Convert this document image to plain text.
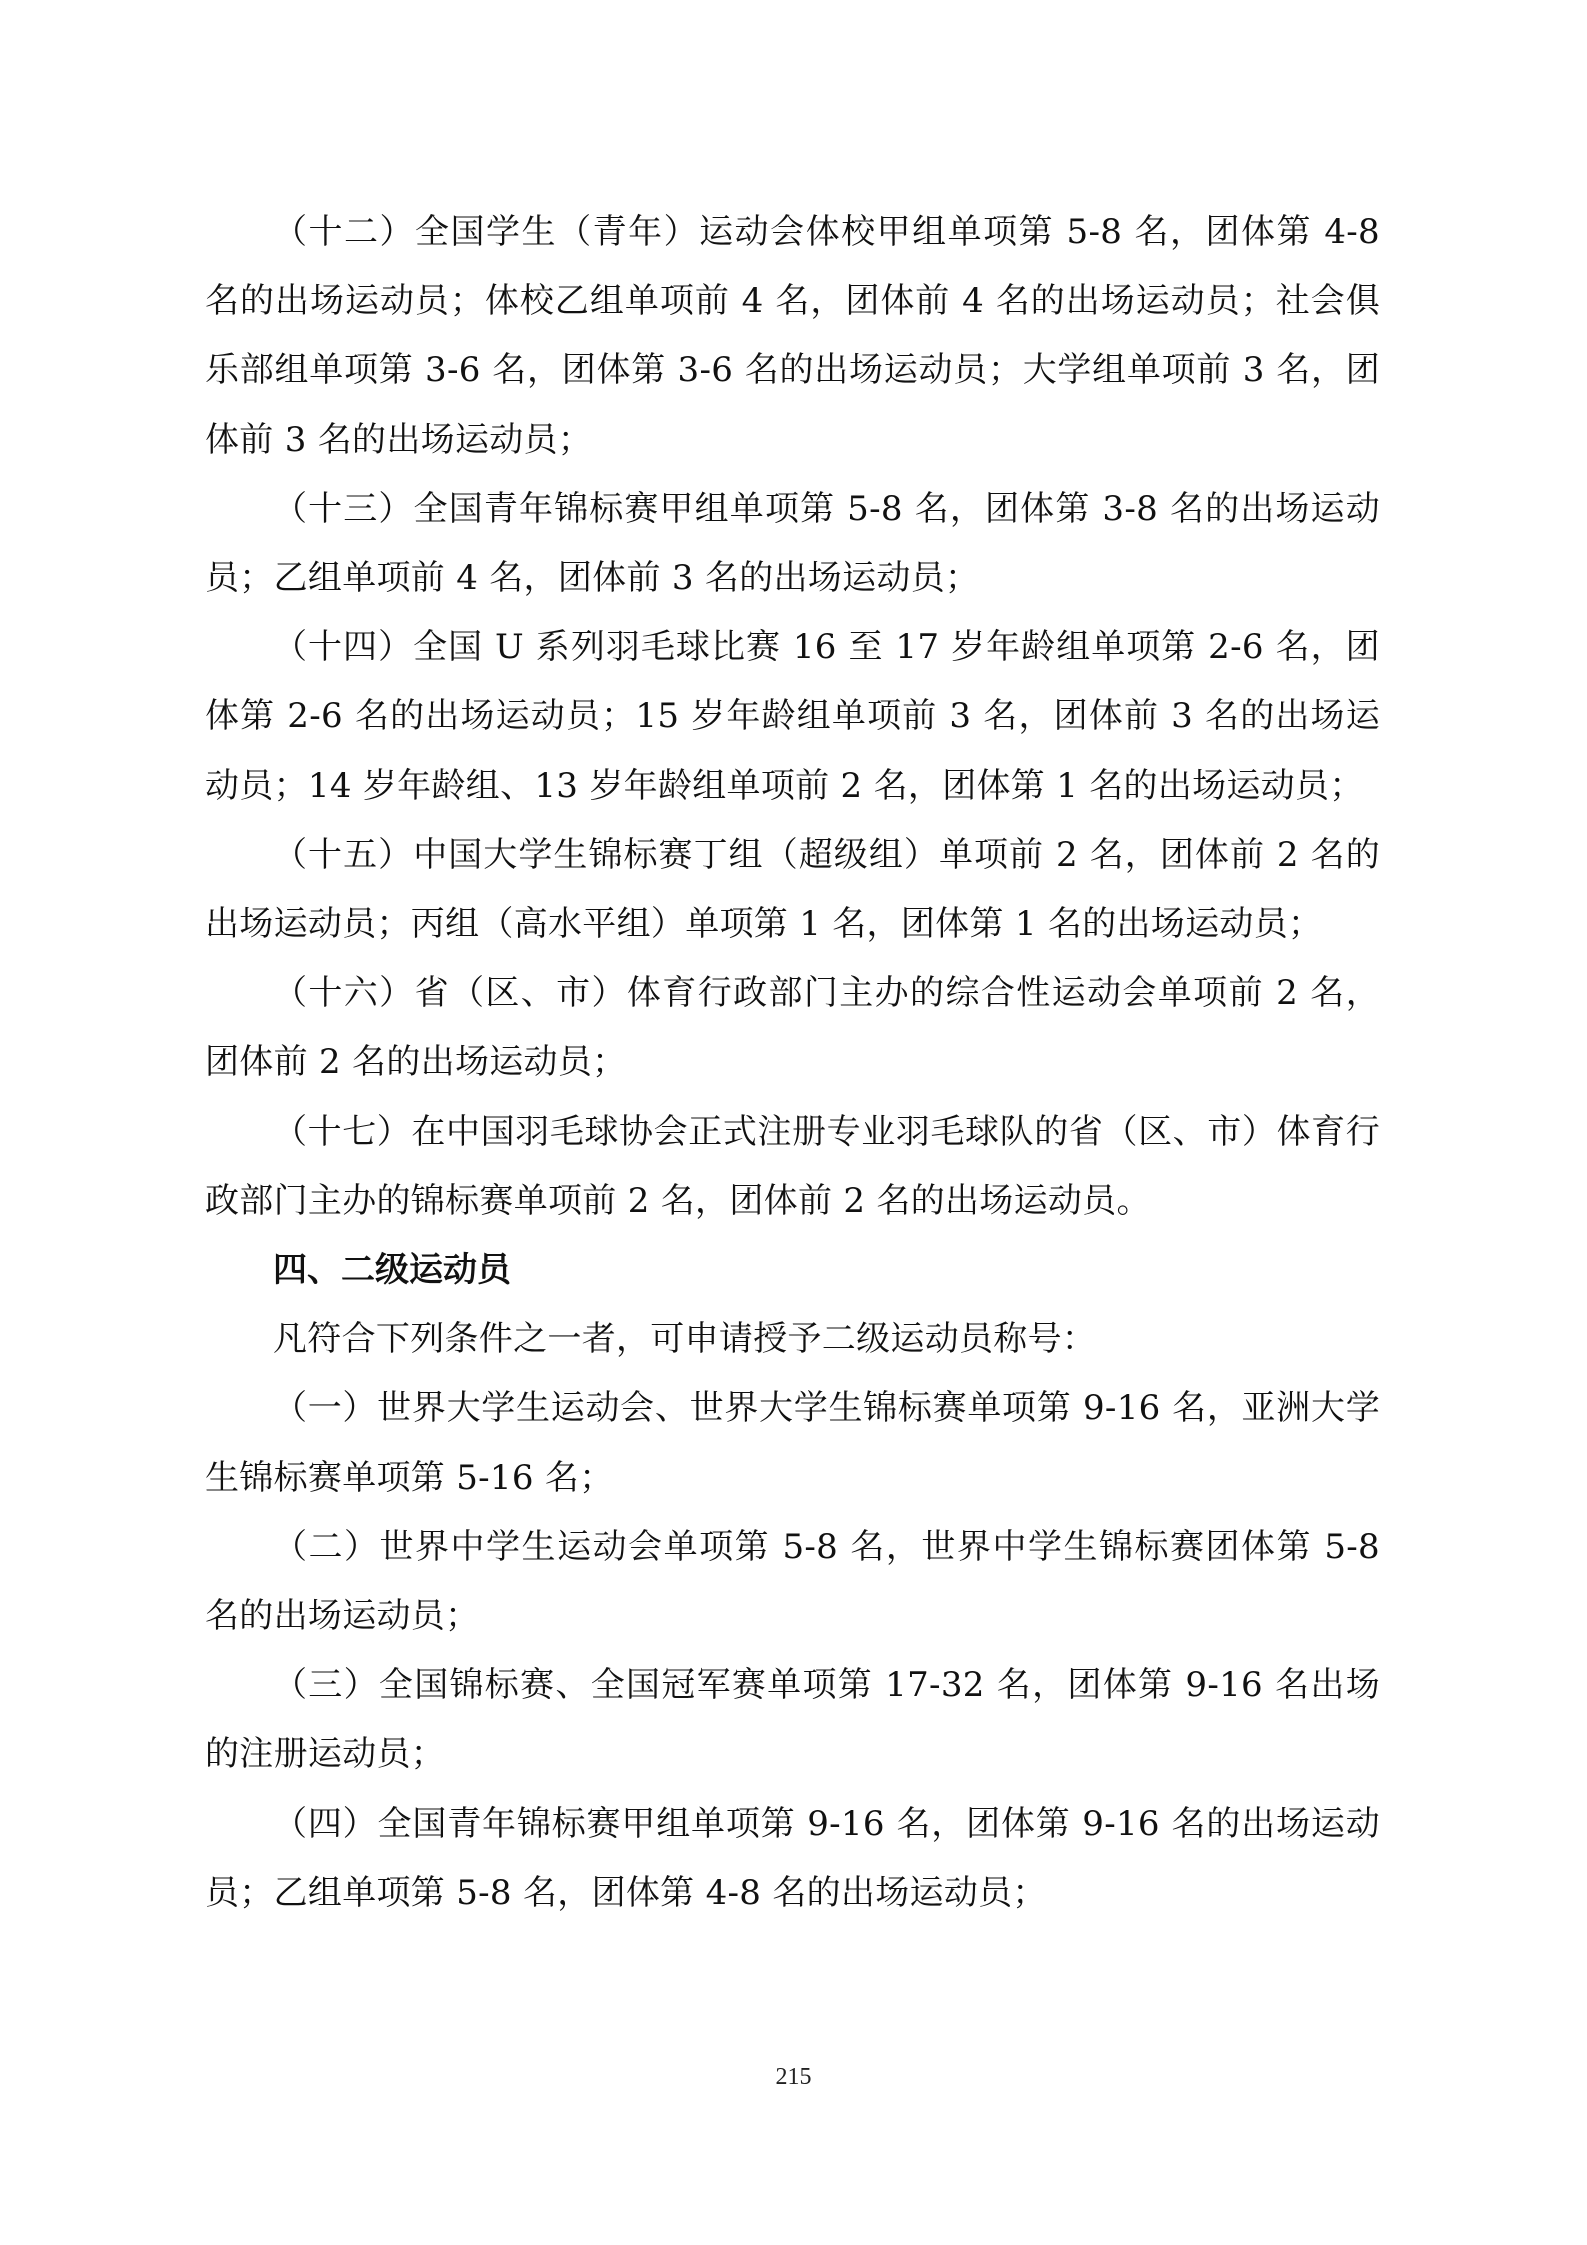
（十二）全国学生（青年）运动会体校甲组单项第 5-8 名，团体第 4-8 名的出场运动员；体校乙组单项前 4 名，团体前 4 名的出场运动员；社会俱乐部组单项第 3-6 名，团体第 3-6 名的出场运动员；大学组单项前 3 名，团体前 3 名的出场运动员；

（十三）全国青年锦标赛甲组单项第 5-8 名，团体第 3-8 名的出场运动员；乙组单项前 4 名，团体前 3 名的出场运动员；

（十四）全国 U 系列羽毛球比赛 16 至 17 岁年龄组单项第 2-6 名，团体第 2-6 名的出场运动员；15 岁年龄组单项前 3 名，团体前 3 名的出场运动员；14 岁年龄组、13 岁年龄组单项前 2 名，团体第 1 名的出场运动员；

（十五）中国大学生锦标赛丁组（超级组）单项前 2 名，团体前 2 名的出场运动员；丙组（高水平组）单项第 1 名，团体第 1 名的出场运动员；

（十六）省（区、市）体育行政部门主办的综合性运动会单项前 2 名，团体前 2 名的出场运动员；

（十七）在中国羽毛球协会正式注册专业羽毛球队的省（区、市）体育行政部门主办的锦标赛单项前 2 名，团体前 2 名的出场运动员。

四、二级运动员

凡符合下列条件之一者，可申请授予二级运动员称号：

（一）世界大学生运动会、世界大学生锦标赛单项第 9-16 名，亚洲大学生锦标赛单项第 5-16 名；

（二）世界中学生运动会单项第 5-8 名，世界中学生锦标赛团体第 5-8 名的出场运动员；

（三）全国锦标赛、全国冠军赛单项第 17-32 名，团体第 9-16 名出场的注册运动员；

（四）全国青年锦标赛甲组单项第 9-16 名，团体第 9-16 名的出场运动员；乙组单项第 5-8 名，团体第 4-8 名的出场运动员；

215
